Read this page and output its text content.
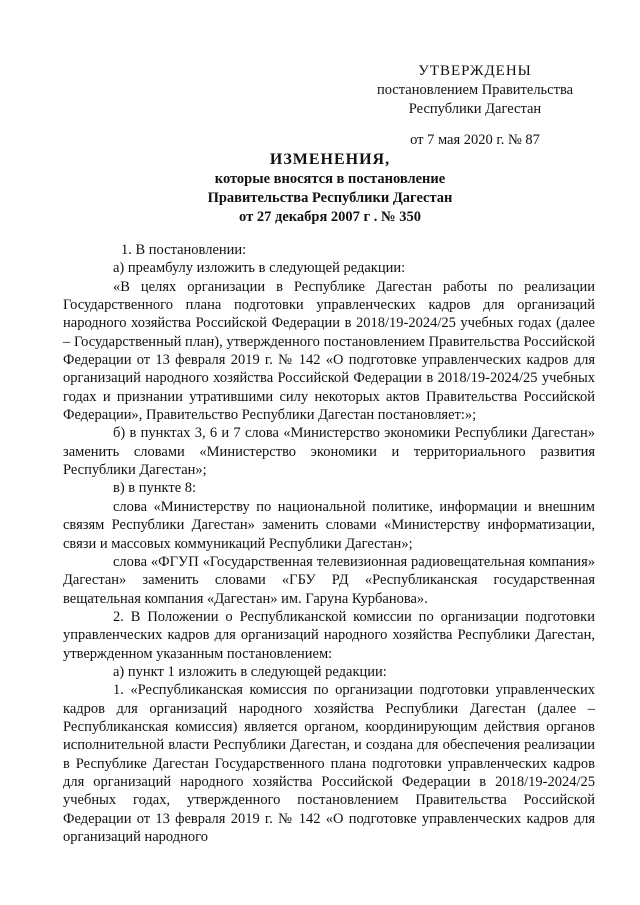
УТВЕРЖДЕНЫ
постановлением Правительства
Республики Дагестан
от 7 мая 2020 г. № 87
ИЗМЕНЕНИЯ,
которые вносятся в постановление
Правительства Республики Дагестан
от 27 декабря 2007 г . № 350

1. В постановлении:

а) преамбулу изложить в следующей редакции:

«В целях организации в Республике Дагестан работы по реализации Государственного плана подготовки управленческих кадров для организаций народного хозяйства Российской Федерации в 2018/19-2024/25 учебных годах (далее – Государственный план), утвержденного постановлением Правительства Российской Федерации от 13 февраля 2019 г. № 142 «О подготовке управленческих кадров для организаций народного хозяйства Российской Федерации в 2018/19-2024/25 учебных годах и признании утратившими силу некоторых актов Правительства Российской Федерации», Правительство Республики Дагестан постановляет:»;

б) в пунктах 3, 6 и 7 слова «Министерство экономики Республики Дагестан» заменить словами «Министерство экономики и территориального развития Республики Дагестан»;

в) в пункте 8:

слова «Министерству по национальной политике, информации и внешним связям Республики Дагестан» заменить словами «Министерству информатизации, связи и массовых коммуникаций Республики Дагестан»;

слова «ФГУП «Государственная телевизионная радиовещательная компания» Дагестан» заменить словами «ГБУ РД «Республиканская государственная вещательная компания «Дагестан» им. Гаруна Курбанова».

2. В Положении о Республиканской комиссии по организации подготовки управленческих кадров для организаций народного хозяйства Республики Дагестан, утвержденном указанным постановлением:

а) пункт 1 изложить в следующей редакции:

1. «Республиканская комиссия по организации подготовки управленческих кадров для организаций народного хозяйства Республики Дагестан (далее – Республиканская комиссия) является органом, координирующим действия органов исполнительной власти Республики Дагестан, и создана для обеспечения реализации в Республике Дагестан Государственного плана подготовки управленческих кадров для организаций народного хозяйства Российской Федерации в 2018/19-2024/25 учебных годах, утвержденного постановлением Правительства Российской Федерации от 13 февраля 2019 г. № 142 «О подготовке управленческих кадров для организаций народного
